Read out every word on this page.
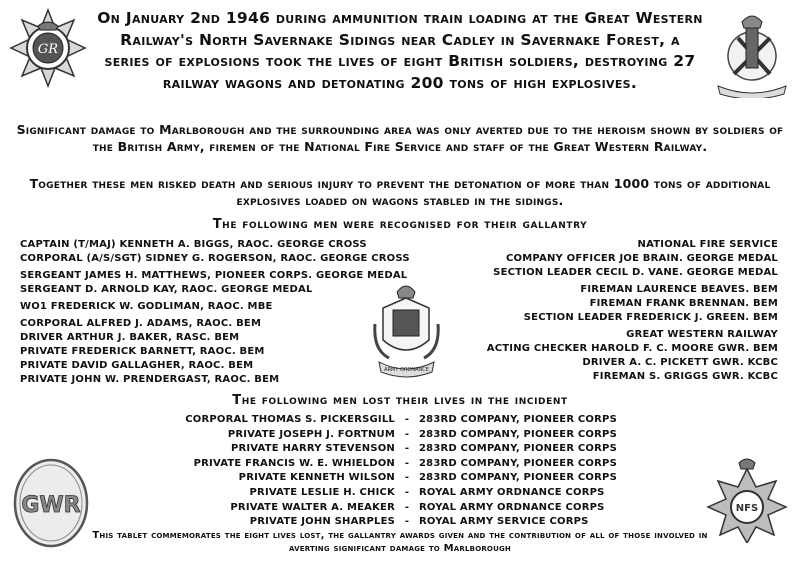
GR
ARMY ORDNANCE
GWR	NFS
On January 2nd 1946 during ammunition train loading at the Great Western Railway's North Savernake Sidings near Cadley in Savernake Forest, a series of explosions took the lives of eight British soldiers, destroying 27 railway wagons and detonating 200 tons of high explosives.
Significant damage to Marlborough and the surrounding area was only averted due to the heroism shown by soldiers of the British Army, firemen of the National Fire Service and staff of the Great Western Railway.
Together these men risked death and serious injury to prevent the detonation of more than 1000 tons of additional explosives loaded on wagons stabled in the sidings.
The following men were recognised for their gallantry
CAPTAIN (T/MAJ) KENNETH A. BIGGS, RAOC. GEORGE CROSS
CORPORAL (A/S/SGT) SIDNEY G. ROGERSON, RAOC. GEORGE CROSS
SERGEANT JAMES H. MATTHEWS, PIONEER CORPS. GEORGE MEDAL
SERGEANT D. ARNOLD KAY, RAOC. GEORGE MEDAL
WO1 FREDERICK W. GODLIMAN, RAOC. MBE
CORPORAL ALFRED J. ADAMS, RAOC. BEM
DRIVER ARTHUR J. BAKER, RASC. BEM
PRIVATE FREDERICK BARNETT, RAOC. BEM
PRIVATE DAVID GALLAGHER, RAOC. BEM
PRIVATE JOHN W. PRENDERGAST, RAOC. BEM
NATIONAL FIRE SERVICE
COMPANY OFFICER JOE BRAIN. GEORGE MEDAL
SECTION LEADER CECIL D. VANE. GEORGE MEDAL
FIREMAN LAURENCE BEAVES. BEM
FIREMAN FRANK BRENNAN. BEM
SECTION LEADER FREDERICK J. GREEN. BEM
GREAT WESTERN RAILWAY
ACTING CHECKER HAROLD F. C. MOORE GWR. BEM
DRIVER A. C. PICKETT GWR. KCBC
FIREMAN S. GRIGGS GWR. KCBC
The following men lost their lives in the incident
CORPORAL THOMAS S. PICKERSGILL - 283RD COMPANY, PIONEER CORPS
PRIVATE JOSEPH J. FORTNUM - 283RD COMPANY, PIONEER CORPS
PRIVATE HARRY STEVENSON - 283RD COMPANY, PIONEER CORPS
PRIVATE FRANCIS W. E. WHIELDON - 283RD COMPANY, PIONEER CORPS
PRIVATE KENNETH WILSON - 283RD COMPANY, PIONEER CORPS
PRIVATE LESLIE H. CHICK - ROYAL ARMY ORDNANCE CORPS
PRIVATE WALTER A. MEAKER - ROYAL ARMY ORDNANCE CORPS
PRIVATE JOHN SHARPLES - ROYAL ARMY SERVICE CORPS
This tablet commemorates the eight lives lost, the gallantry awards given and the contribution of all of those involved in averting significant damage to Marlborough
